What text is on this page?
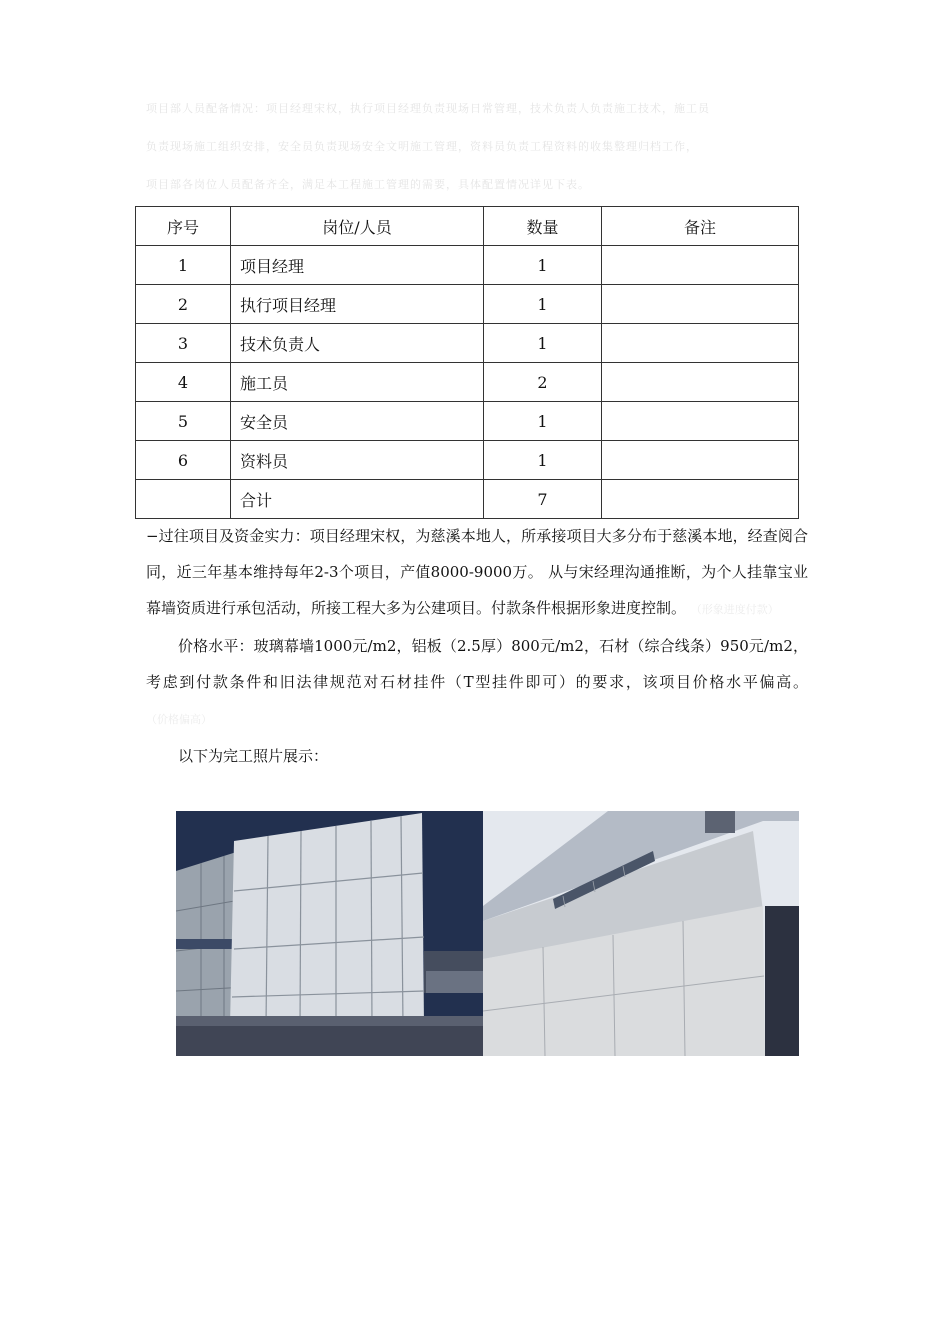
项目部人员配备情况：项目经理宋权，执行项目经理负责现场日常管理，技术负责人负责施工技术，施工员
负责现场施工组织安排，安全员负责现场安全文明施工管理，资料员负责工程资料的收集整理归档工作，
项目部各岗位人员配备齐全，满足本工程施工管理的需要，具体配置情况详见下表。
序号	岗位/人员	数量	备注
1	项目经理	1	
2	执行项目经理	1	
3	技术负责人	1	
4	施工员	2	
5	安全员	1	
6	资料员	1	
	合计	7	

−过往项目及资金实力：项目经理宋权，为慈溪本地人，所承接项目大多分布于慈溪本地，经查阅合同，近三年基本维持每年2-3个项目，产值8000-9000万。 从与宋经理沟通推断，为个人挂靠宝业幕墙资质进行承包活动，所接工程大多为公建项目。付款条件根据形象进度控制。 （形象进度付款）

价格水平：玻璃幕墙1000元/m2，铝板（2.5厚）800元/m2，石材（综合线条）950元/m2，考虑到付款条件和旧法律规范对石材挂件（T型挂件即可）的要求，该项目价格水平偏高。 （价格偏高）

以下为完工照片展示：
